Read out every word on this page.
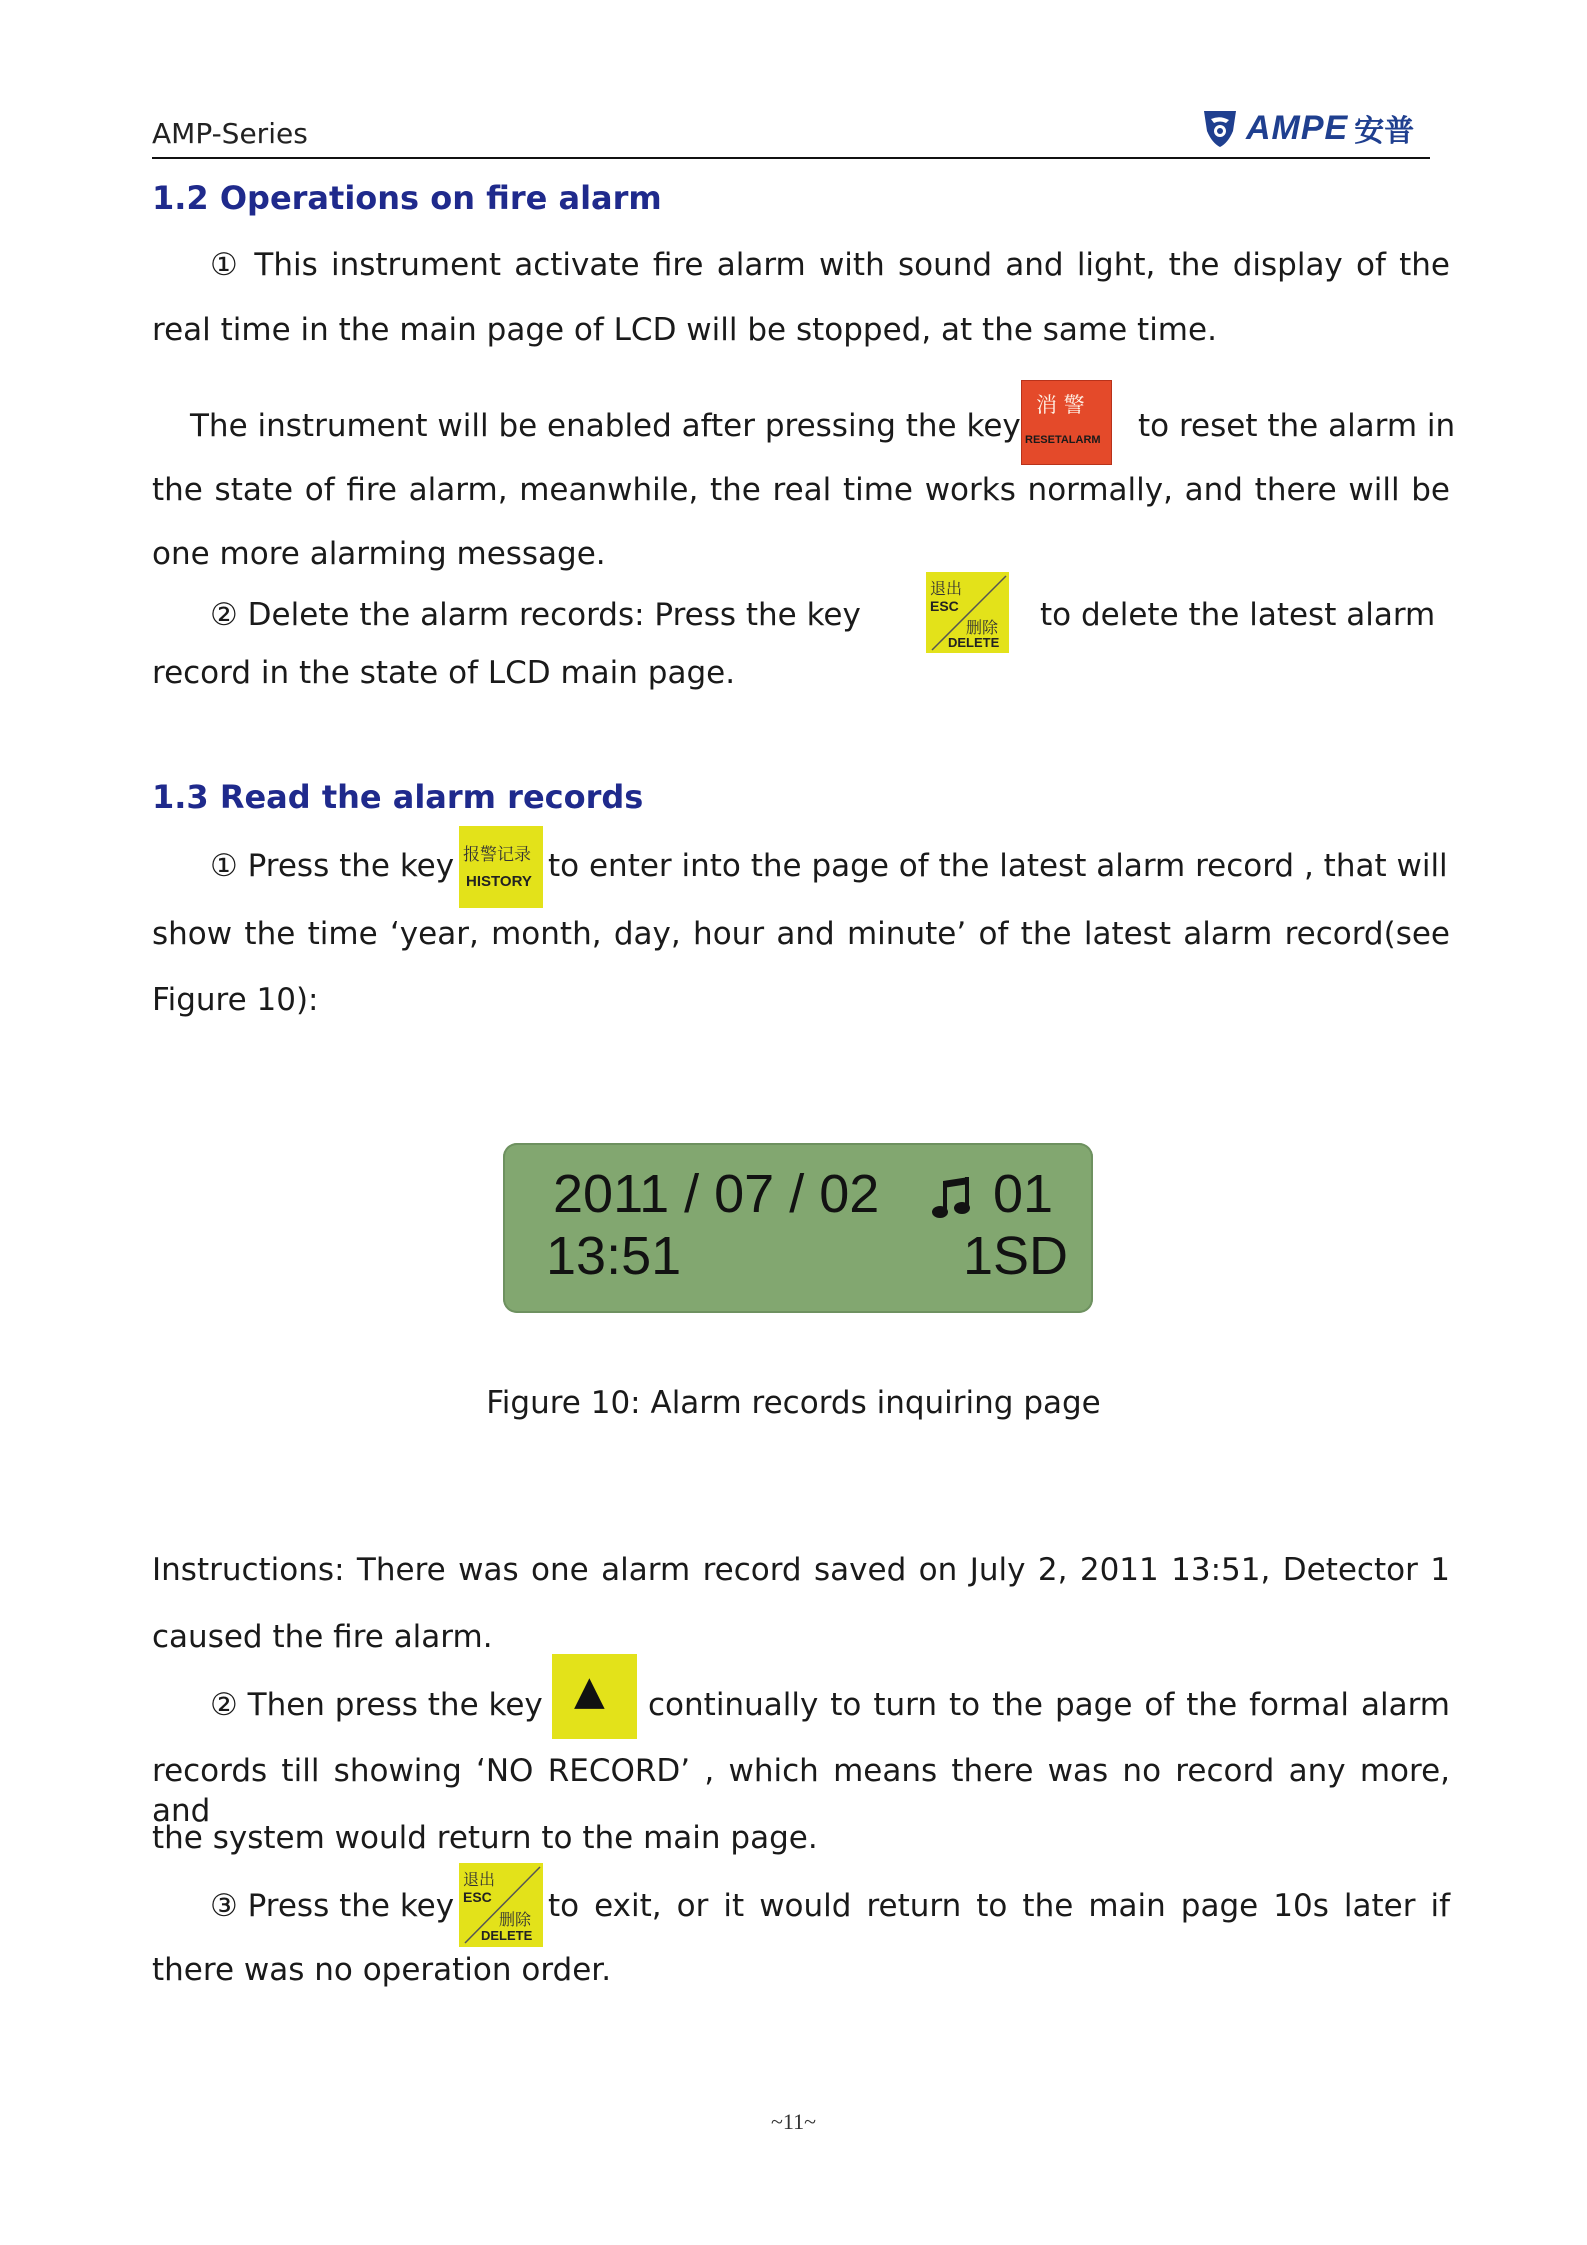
AMP-Series	AMPE 安普
1.2 Operations on fire alarm
① This instrument activate fire alarm with sound and light, the display of the
real time in the main page of LCD will be stopped, at the same time.
The instrument will be enabled after pressing the key
消 警
RESETALARM to reset the alarm in
the state of fire alarm, meanwhile, the real time works normally, and there will be
one more alarming message.
② Delete the alarm records: Press the key
退出
ESC
删除
DELETE
to delete the latest alarm
record in the state of LCD main page.
1.3 Read the alarm records
① Press the key 报警记录
HISTORY to enter into the page of the latest alarm record , that will
show the time ‘year, month, day, hour and minute’ of the latest alarm record(see
Figure 10):
2011 / 07 / 02 01
13:51	1SD
Figure 10: Alarm records inquiring page
Instructions: There was one alarm record saved on July 2, 2011 13:51, Detector 1
caused the fire alarm.
② Then press the key ▲ continually to turn to the page of the formal alarm
records till showing ‘NO RECORD’ , which means there was no record any more, and
the system would return to the main page.
③ Press the key
退出
ESC
删除
DELETE
to exit, or it would return to the main page 10s later if
there was no operation order.
~11~
